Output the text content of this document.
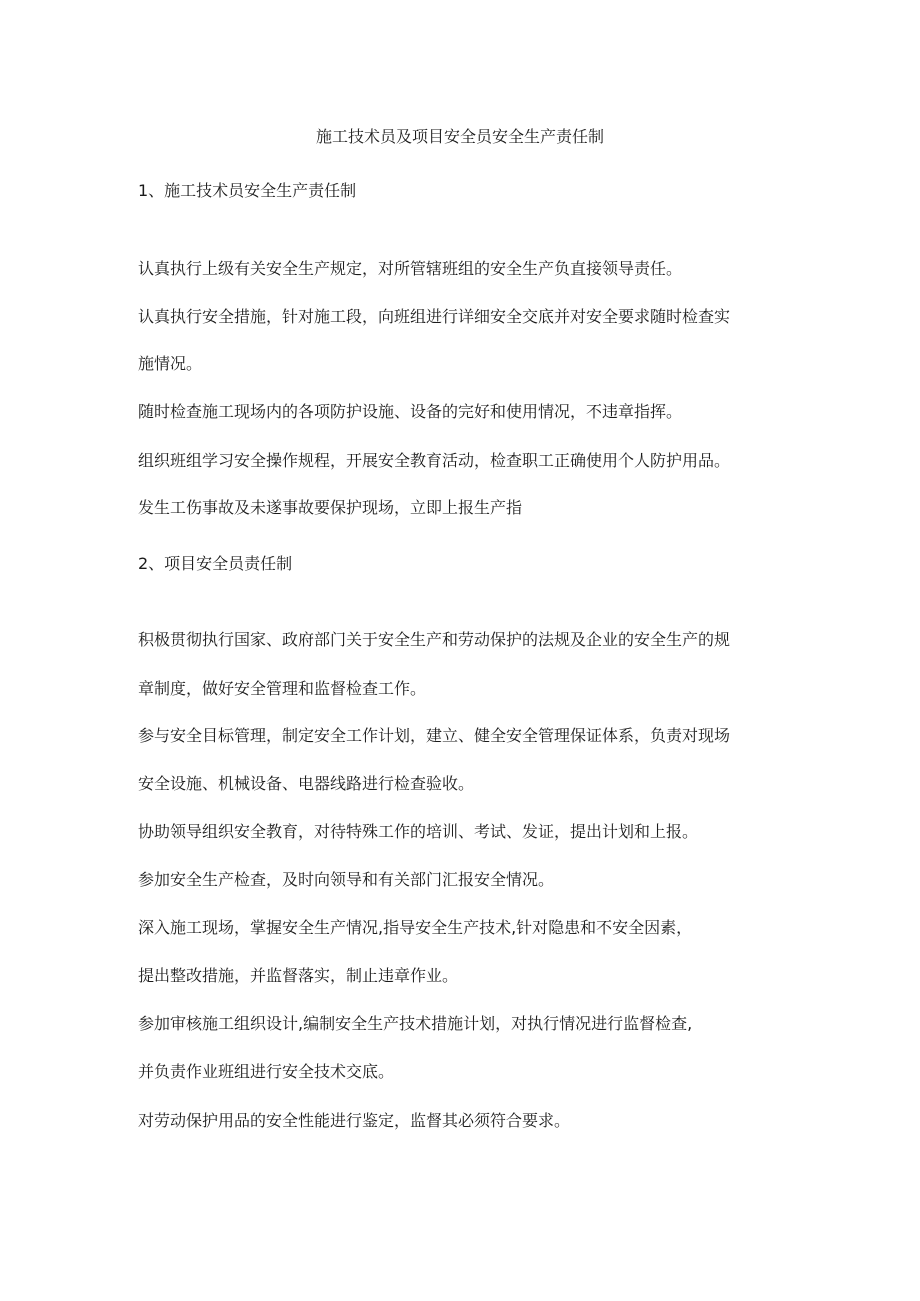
施工技术员及项目安全员安全生产责任制
1、施工技术员安全生产责任制
认真执行上级有关安全生产规定，对所管辖班组的安全生产负直接领导责任。
认真执行安全措施，针对施工段，向班组进行详细安全交底并对安全要求随时检查实
施情况。
随时检查施工现场内的各项防护设施、设备的完好和使用情况，不违章指挥。
组织班组学习安全操作规程，开展安全教育活动，检查职工正确使用个人防护用品。
发生工伤事故及未遂事故要保护现场，立即上报生产指
2、项目安全员责任制
积极贯彻执行国家、政府部门关于安全生产和劳动保护的法规及企业的安全生产的规
章制度，做好安全管理和监督检查工作。
参与安全目标管理，制定安全工作计划，建立、健全安全管理保证体系，负责对现场
安全设施、机械设备、电器线路进行检查验收。
协助领导组织安全教育，对待特殊工作的培训、考试、发证，提出计划和上报。
参加安全生产检查，及时向领导和有关部门汇报安全情况。
深入施工现场，掌握安全生产情况,指导安全生产技术,针对隐患和不安全因素，
提出整改措施，并监督落实，制止违章作业。
参加审核施工组织设计,编制安全生产技术措施计划，对执行情况进行监督检查,
并负责作业班组进行安全技术交底。
对劳动保护用品的安全性能进行鉴定，监督其必须符合要求。
